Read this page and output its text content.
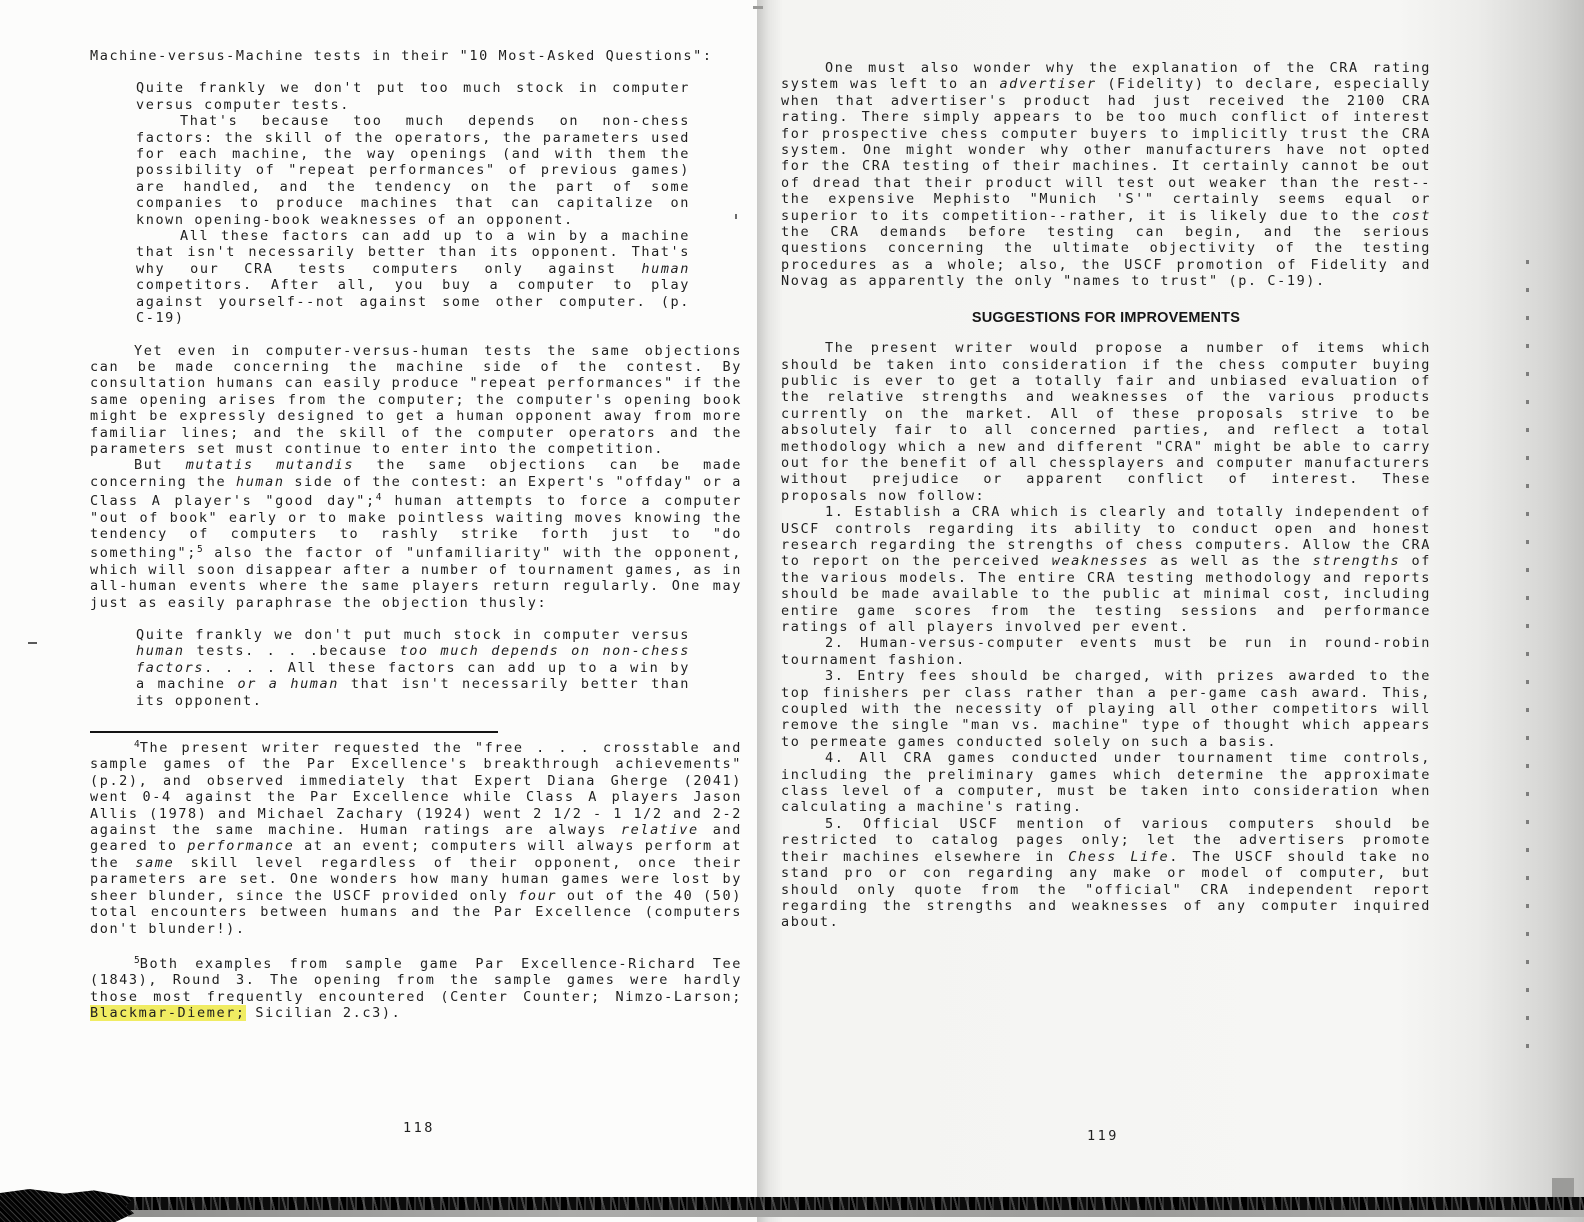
Machine-versus-Machine tests in their "10 Most-Asked Questions":
Quite frankly we don't put too much stock in computer versus computer tests.
That's because too much depends on non-chess factors: the skill of the operators, the parameters used for each machine, the way openings (and with them the possibility of "repeat performances" of previous games) are handled, and the tendency on the part of some companies to produce machines that can capitalize on known opening-book weaknesses of an opponent.
All these factors can add up to a win by a machine that isn't necessarily better than its opponent. That's why our CRA tests computers only against human competitors. After all, you buy a computer to play against yourself--not against some other computer. (p. C-19)
Yet even in computer-versus-human tests the same objections can be made concerning the machine side of the contest. By consultation humans can easily produce "repeat performances" if the same opening arises from the computer; the computer's opening book might be expressly designed to get a human opponent away from more familiar lines; and the skill of the computer operators and the parameters set must continue to enter into the competition.
But mutatis mutandis the same objections can be made concerning the human side of the contest: an Expert's "offday" or a Class A player's "good day";$^4$ human attempts to force a computer "out of book" early or to make pointless waiting moves knowing the tendency of computers to rashly strike forth just to "do something";$^5$ also the factor of "unfamiliarity" with the opponent, which will soon disappear after a number of tournament games, as in all-human events where the same players return regularly. One may just as easily paraphrase the objection thusly:
Quite frankly we don't put much stock in computer versus human tests. . . .because too much depends on non-chess factors. . . . All these factors can add up to a win by a machine or a human that isn't necessarily better than its opponent.
$^4$The present writer requested the "free . . . crosstable and sample games of the Par Excellence's breakthrough achievements" (p.2), and observed immediately that Expert Diana Gherge (2041) went 0-4 against the Par Excellence while Class A players Jason Allis (1978) and Michael Zachary (1924) went 2 1/2 - 1 1/2 and 2-2 against the same machine. Human ratings are always relative and geared to performance at an event; computers will always perform at the same skill level regardless of their opponent, once their parameters are set. One wonders how many human games were lost by sheer blunder, since the USCF provided only four out of the 40 (50) total encounters between humans and the Par Excellence (computers don't blunder!).
$^5$Both examples from sample game Par Excellence-Richard Tee (1843), Round 3. The opening from the sample games were hardly those most frequently encountered (Center Counter; Nimzo-Larson; Blackmar-Diemer; Sicilian 2.c3).
118
One must also wonder why the explanation of the CRA rating system was left to an advertiser (Fidelity) to declare, especially when that advertiser's product had just received the 2100 CRA rating. There simply appears to be too much conflict of interest for prospective chess computer buyers to implicitly trust the CRA system. One might wonder why other manufacturers have not opted for the CRA testing of their machines. It certainly cannot be out of dread that their product will test out weaker than the rest--the expensive Mephisto "Munich 'S'" certainly seems equal or superior to its competition--rather, it is likely due to the cost the CRA demands before testing can begin, and the serious questions concerning the ultimate objectivity of the testing procedures as a whole; also, the USCF promotion of Fidelity and Novag as apparently the only "names to trust" (p. C-19).
SUGGESTIONS FOR IMPROVEMENTS
The present writer would propose a number of items which should be taken into consideration if the chess computer buying public is ever to get a totally fair and unbiased evaluation of the relative strengths and weaknesses of the various products currently on the market. All of these proposals strive to be absolutely fair to all concerned parties, and reflect a total methodology which a new and different "CRA" might be able to carry out for the benefit of all chessplayers and computer manufacturers without prejudice or apparent conflict of interest. These proposals now follow:
1. Establish a CRA which is clearly and totally independent of USCF controls regarding its ability to conduct open and honest research regarding the strengths of chess computers. Allow the CRA to report on the perceived weaknesses as well as the strengths of the various models. The entire CRA testing methodology and reports should be made available to the public at minimal cost, including entire game scores from the testing sessions and performance ratings of all players involved per event.
2. Human-versus-computer events must be run in round-robin tournament fashion.
3. Entry fees should be charged, with prizes awarded to the top finishers per class rather than a per-game cash award. This, coupled with the necessity of playing all other competitors will remove the single "man vs. machine" type of thought which appears to permeate games conducted solely on such a basis.
4. All CRA games conducted under tournament time controls, including the preliminary games which determine the approximate class level of a computer, must be taken into consideration when calculating a machine's rating.
5. Official USCF mention of various computers should be restricted to catalog pages only; let the advertisers promote their machines elsewhere in Chess Life. The USCF should take no stand pro or con regarding any make or model of computer, but should only quote from the "official" CRA independent report regarding the strengths and weaknesses of any computer inquired about.
119
